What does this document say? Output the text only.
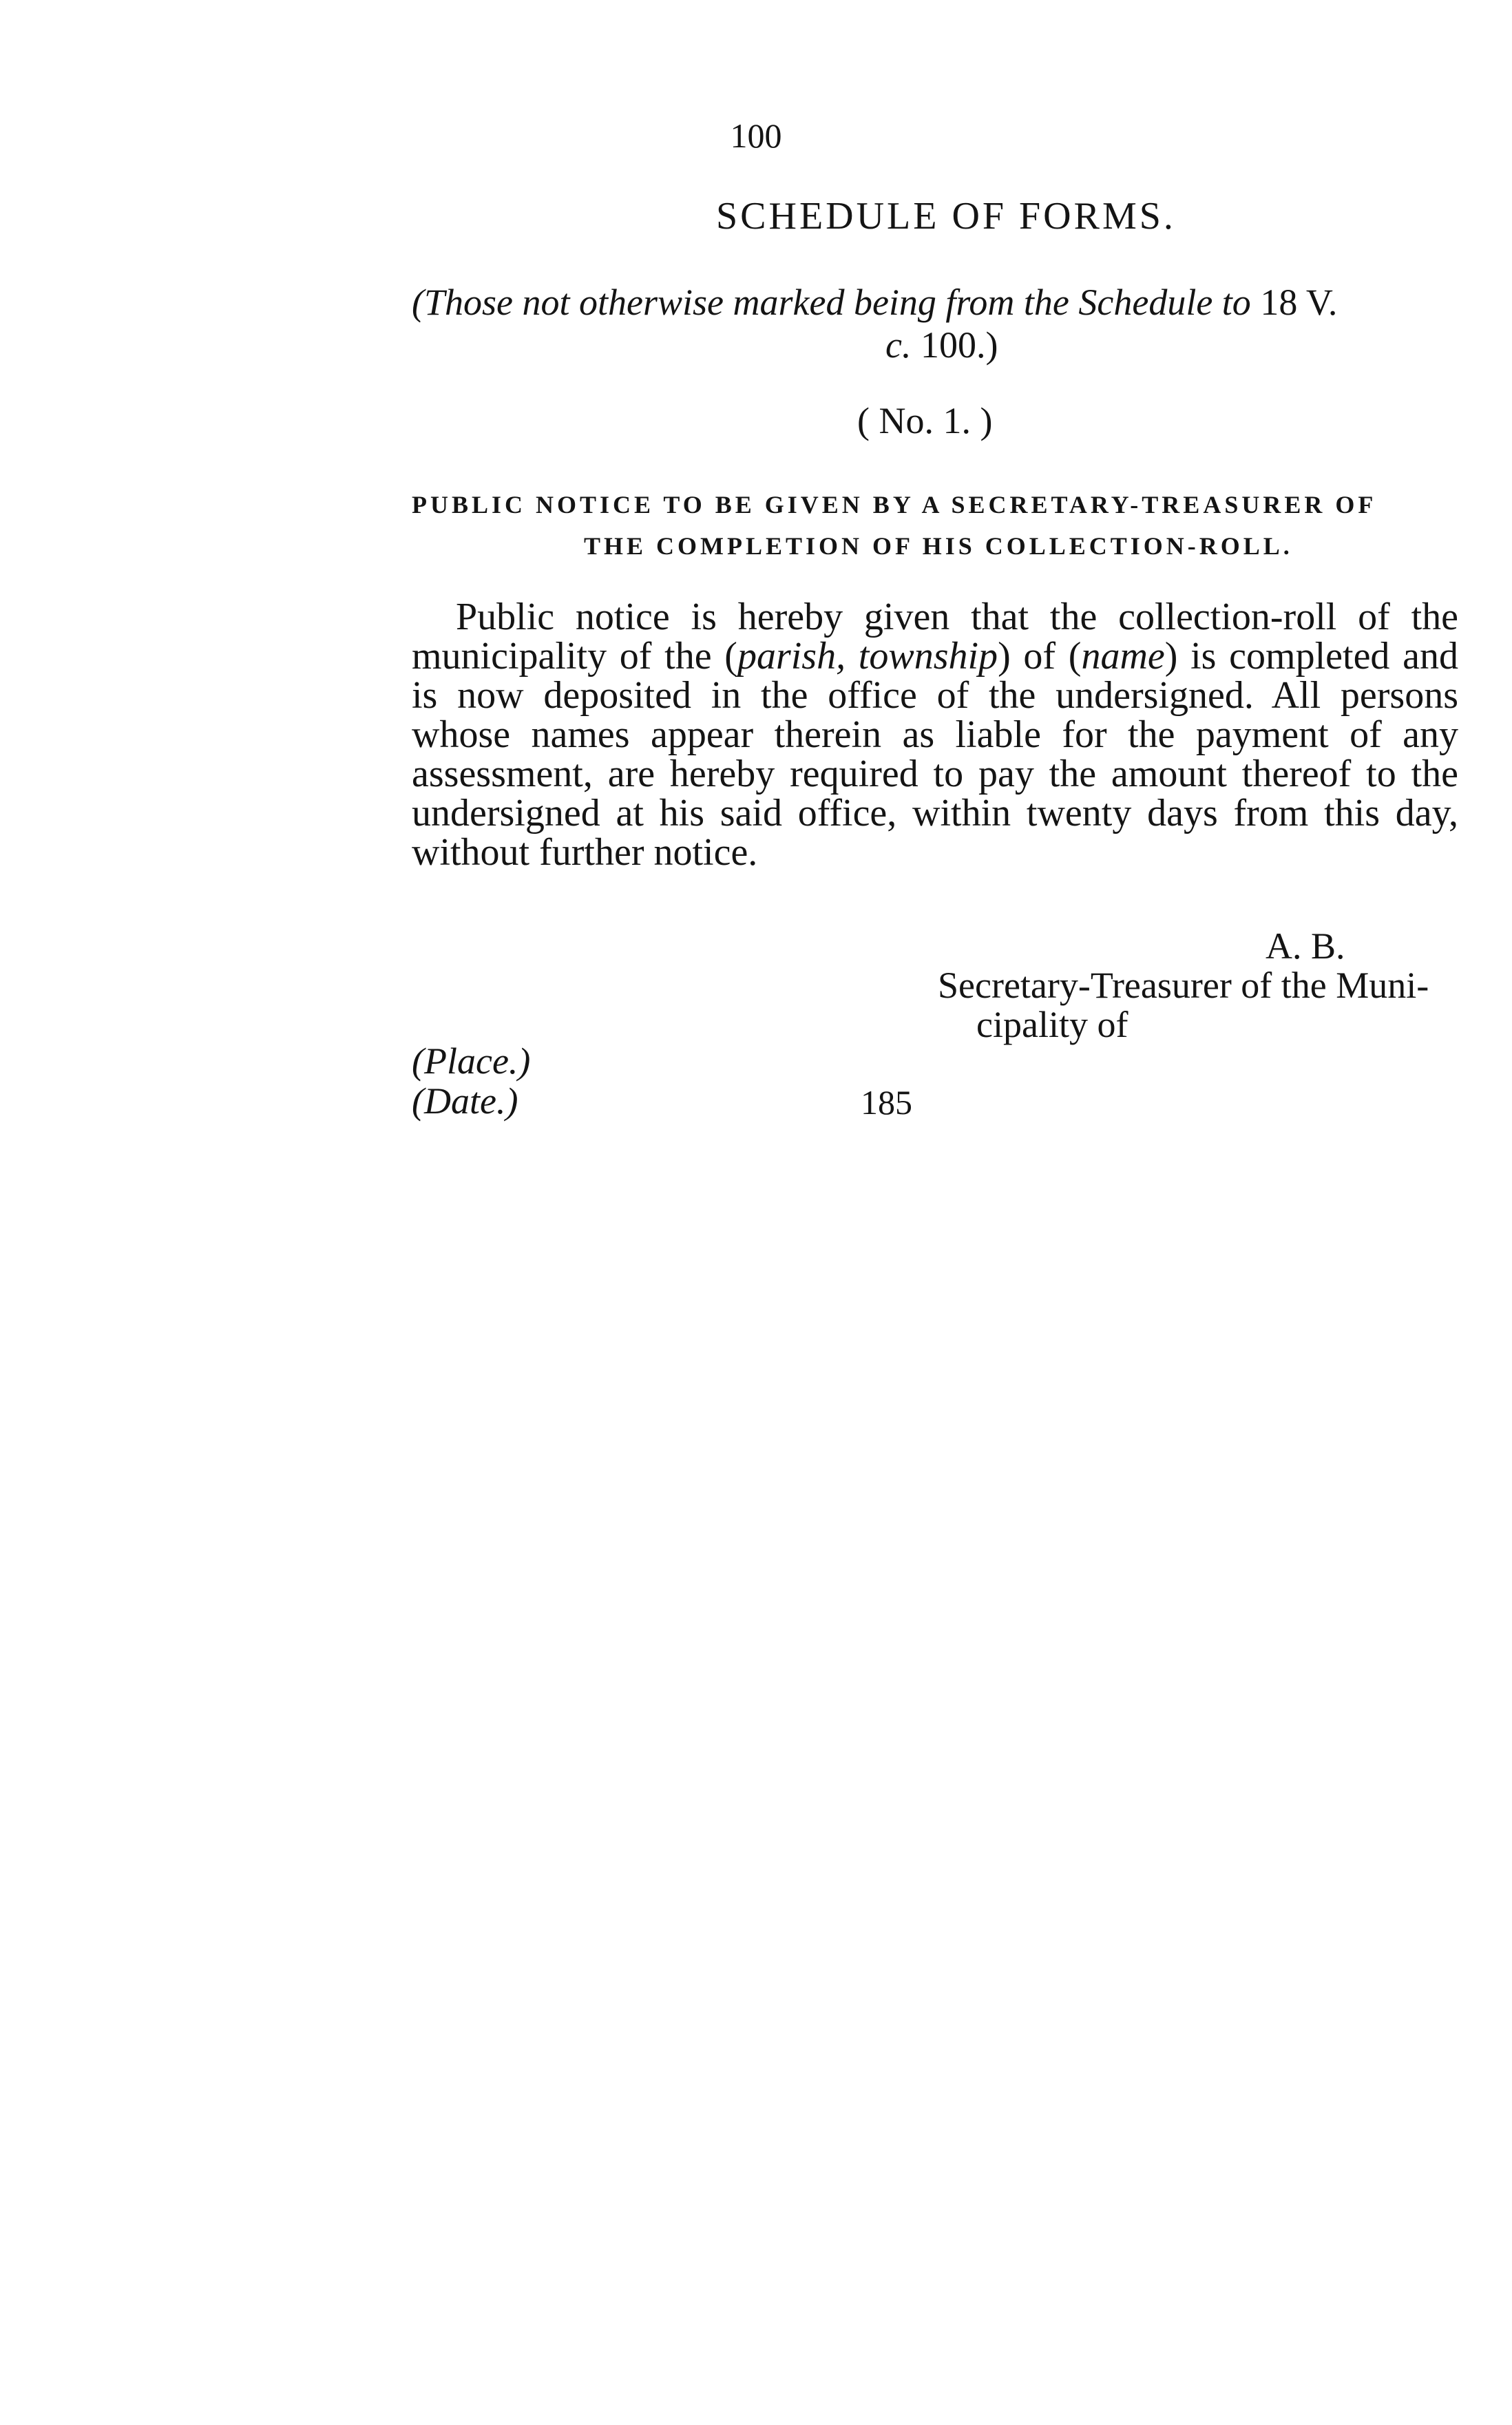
100
SCHEDULE OF FORMS.
(Those not otherwise marked being from the Schedule to 18 V.
c. 100.)
( No. 1. )
PUBLIC NOTICE TO BE GIVEN BY A SECRETARY-TREASURER OF
THE COMPLETION OF HIS COLLECTION-ROLL.
Public notice is hereby given that the collection-roll of the municipality of the (parish, township) of (name) is completed and is now deposited in the office of the undersigned. All persons whose names appear therein as liable for the payment of any assessment, are hereby required to pay the amount thereof to the undersigned at his said office, within twenty days from this day, without further notice.
A. B.
Secretary-Treasurer of the Muni-
cipality of
(Place.)
(Date.)	185
